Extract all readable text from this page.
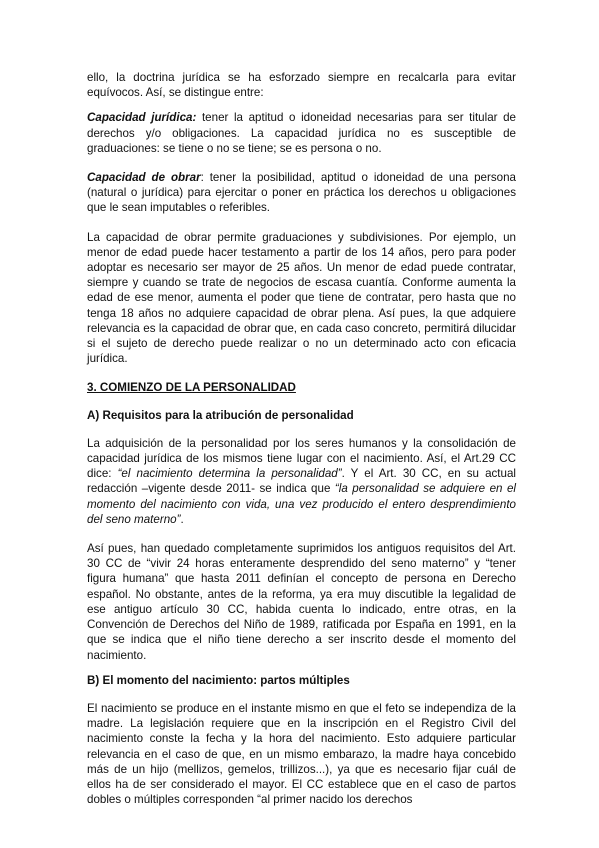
ello, la doctrina jurídica se ha esforzado siempre en recalcarla para evitar equívocos. Así, se distingue entre:

Capacidad jurídica: tener la aptitud o idoneidad necesarias para ser titular de derechos y/o obligaciones. La capacidad jurídica no es susceptible de graduaciones: se tiene o no se tiene; se es persona o no.

Capacidad de obrar: tener la posibilidad, aptitud o idoneidad de una persona (natural o jurídica) para ejercitar o poner en práctica los derechos u obligaciones que le sean imputables o referibles.

La capacidad de obrar permite graduaciones y subdivisiones. Por ejemplo, un menor de edad puede hacer testamento a partir de los 14 años, pero para poder adoptar es necesario ser mayor de 25 años. Un menor de edad puede contratar, siempre y cuando se trate de negocios de escasa cuantía. Conforme aumenta la edad de ese menor, aumenta el poder que tiene de contratar, pero hasta que no tenga 18 años no adquiere capacidad de obrar plena. Así pues, la que adquiere relevancia es la capacidad de obrar que, en cada caso concreto, permitirá dilucidar si el sujeto de derecho puede realizar o no un determinado acto con eficacia jurídica.

3. COMIENZO DE LA PERSONALIDAD
A) Requisitos para la atribución de personalidad

La adquisición de la personalidad por los seres humanos y la consolidación de capacidad jurídica de los mismos tiene lugar con el nacimiento. Así, el Art.29 CC dice: “el nacimiento determina la personalidad”. Y el Art. 30 CC, en su actual redacción –vigente desde 2011- se indica que “la personalidad se adquiere en el momento del nacimiento con vida, una vez producido el entero desprendimiento del seno materno”.

Así pues, han quedado completamente suprimidos los antiguos requisitos del Art. 30 CC de “vivir 24 horas enteramente desprendido del seno materno” y “tener figura humana” que hasta 2011 definían el concepto de persona en Derecho español. No obstante, antes de la reforma, ya era muy discutible la legalidad de ese antiguo artículo 30 CC, habida cuenta lo indicado, entre otras, en la Convención de Derechos del Niño de 1989, ratificada por España en 1991, en la que se indica que el niño tiene derecho a ser inscrito desde el momento del nacimiento.

B) El momento del nacimiento: partos múltiples

El nacimiento se produce en el instante mismo en que el feto se independiza de la madre. La legislación requiere que en la inscripción en el Registro Civil del nacimiento conste la fecha y la hora del nacimiento. Esto adquiere particular relevancia en el caso de que, en un mismo embarazo, la madre haya concebido más de un hijo (mellizos, gemelos, trillizos...), ya que es necesario fijar cuál de ellos ha de ser considerado el mayor. El CC establece que en el caso de partos dobles o múltiples corresponden “al primer nacido los derechos
